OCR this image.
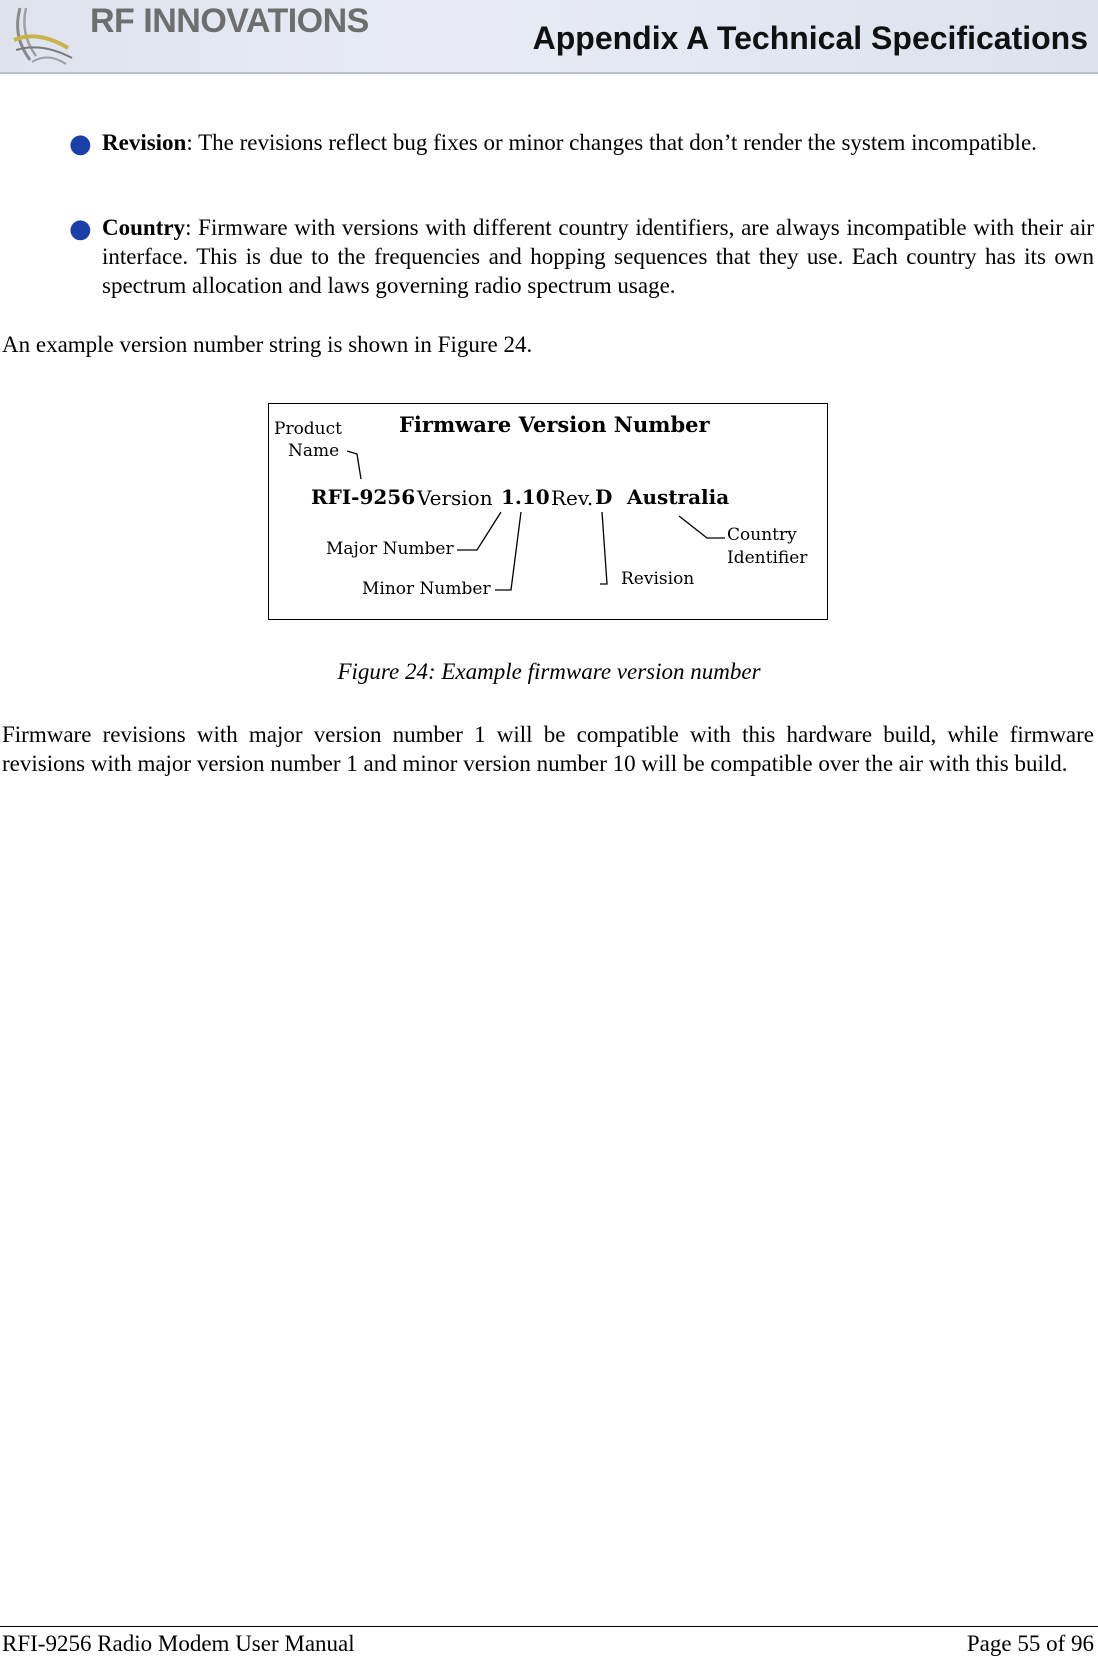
RF INNOVATIONS	Appendix A Technical Specifications
● Revision: The revisions reflect bug fixes or minor changes that don’t render the system incompatible.
● Country: Firmware with versions with different country identifiers, are always incompatible with their air interface. This is due to the frequencies and hopping sequences that they use. Each country has its own spectrum allocation and laws governing radio spectrum usage.
An example version number string is shown in Figure 24.
Firmware Version Number
Product
Name
RFI-9256 Version 1.10 Rev. D Australia
Major Number
Minor Number	Revision
Country
Identifier
Figure 24: Example firmware version number
Firmware revisions with major version number 1 will be compatible with this hardware build, while firmware revisions with major version number 1 and minor version number 10 will be compatible over the air with this build.
RFI-9256 Radio Modem User Manual	Page 55 of 96
